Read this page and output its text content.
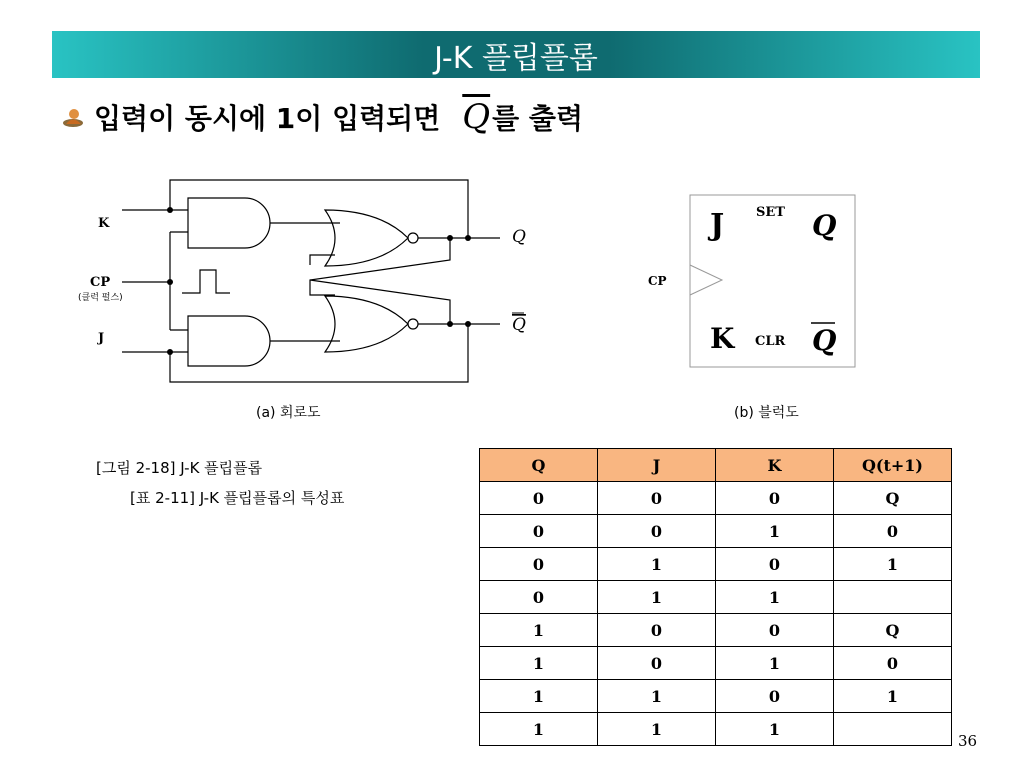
J-K 플립플롭
입력이 동시에 1이 입력되면 $\overline{Q}$ 를 출력
K
CP
(클럭 펄스)
J
Q
Q
(a) 회로도
J SET Q
CP
K CLR Q
(b) 블럭도
[그림 2-18] J-K 플립플롭
[표 2-11] J-K 플립플롭의 특성표
Q	J	K	Q(t+1)
0	0	0	Q
0	0	1	0
0	1	0	1
0	1	1	
1	0	0	Q
1	0	1	0
1	1	0	1
1	1	1	
36
